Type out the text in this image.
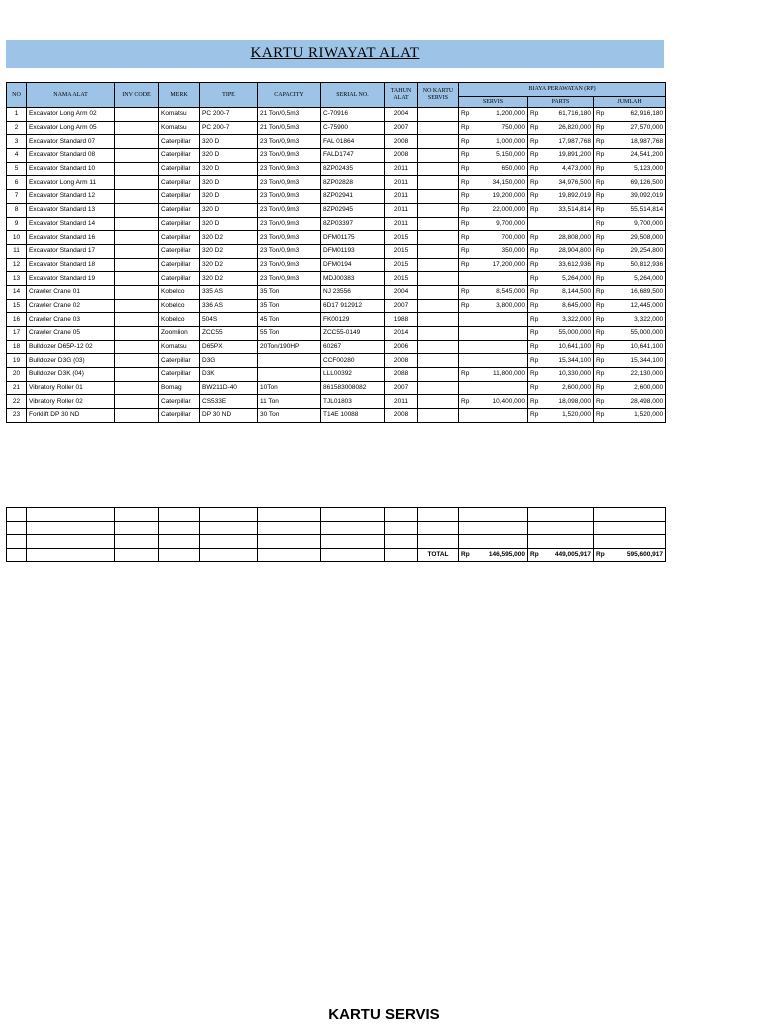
KARTU RIWAYAT ALAT
NO	NAMA ALAT	INV CODE	MERK	TIPE	CAPACITY	SERIAL NO.	TAHUN ALAT	NO KARTU SERVIS	BIAYA PERAWATAN (RP)					
									SERVIS		PARTS		JUMLAH	
1	Excavator Long Arm 02		Komatsu	PC 200-7	21 Ton/0,5m3	C-70916	2004		Rp	1,200,000	Rp	61,716,180	Rp	62,916,180
2	Excavator Long Arm 05		Komatsu	PC 200-7	21 Ton/0,5m3	C-75900	2007		Rp	750,000	Rp	26,820,000	Rp	27,570,000
3	Excavator Standard 07		Caterpillar	320 D	23 Ton/0,9m3	FAL 01864	2008		Rp	1,000,000	Rp	17,987,768	Rp	18,987,768
4	Excavator Standard 08		Caterpillar	320 D	23 Ton/0,9m3	FALD1747	2008		Rp	5,150,000	Rp	19,891,200	Rp	24,541,200
5	Excavator Standard 10		Caterpillar	320 D	23 Ton/0,9m3	8ZP02435	2011		Rp	650,000	Rp	4,473,000	Rp	5,123,000
6	Excavator Long Arm 11		Caterpillar	320 D	23 Ton/0,9m3	8ZP02828	2011		Rp	34,150,000	Rp	34,976,500	Rp	69,126,500
7	Excavator Standard 12		Caterpillar	320 D	23 Ton/0,9m3	8ZP02941	2011		Rp	19,200,000	Rp	19,892,019	Rp	39,092,019
8	Excavator Standard 13		Caterpillar	320 D	23 Ton/0,9m3	8ZP02945	2011		Rp	22,000,000	Rp	33,514,814	Rp	55,514,814
9	Excavator Standard 14		Caterpillar	320 D	23 Ton/0,9m3	8ZP03397	2011		Rp	9,700,000			Rp	9,700,000
10	Excavator Standard 16		Caterpillar	320 D2	23 Ton/0,9m3	DFM01175	2015		Rp	700,000	Rp	28,808,000	Rp	29,508,000
11	Excavator Standard 17		Caterpillar	320 D2	23 Ton/0,9m3	DFM01193	2015		Rp	350,000	Rp	28,904,800	Rp	29,254,800
12	Excavator Standard 18		Caterpillar	320 D2	23 Ton/0,9m3	DFM0194	2015		Rp	17,200,000	Rp	33,612,936	Rp	50,812,936
13	Excavator Standard 19		Caterpillar	320 D2	23 Ton/0,9m3	MDJ00383	2015				Rp	5,264,000	Rp	5,264,000
14	Crawler Crane 01		Kobelco	335 AS	35 Ton	NJ 23556	2004		Rp	8,545,000	Rp	8,144,500	Rp	16,689,500
15	Crawler Crane 02		Kobelco	336 AS	35 Ton	6D17 912912	2007		Rp	3,800,000	Rp	8,645,000	Rp	12,445,000
16	Crawler Crane 03		Kobelco	504S	45 Ton	FK00129	1988				Rp	3,322,000	Rp	3,322,000
17	Crawler Crane 05		Zoomlion	ZCC55	55 Ton	ZCC55-0149	2014				Rp	55,000,000	Rp	55,000,000
18	Bulldozer D65P-12 02		Komatsu	D65PX	20Ton/190HP	60267	2006				Rp	10,641,100	Rp	10,641,100
19	Bulldozer D3G (03)		Caterpillar	D3G		CCF00280	2008				Rp	15,344,100	Rp	15,344,100
20	Bulldozer D3K (04)		Caterpillar	D3K		LLL00392	2088		Rp	11,800,000	Rp	10,330,000	Rp	22,130,000
21	Vibratory Roller 01		Bomag	BW211D-40	10Ton	861583008082	2007				Rp	2,600,000	Rp	2,600,000
22	Vibratory Roller 02		Caterpillar	CS533E	11 Ton	TJL01803	2011		Rp	10,400,000	Rp	18,098,000	Rp	28,498,000
23	Forklift DP 30 ND		Caterpillar	DP 30 ND	30 Ton	T14E 10088	2008				Rp	1,520,000	Rp	1,520,000

								TOTAL	Rp	146,595,000	Rp	449,005,917	Rp	595,600,917
KARTU SERVIS
